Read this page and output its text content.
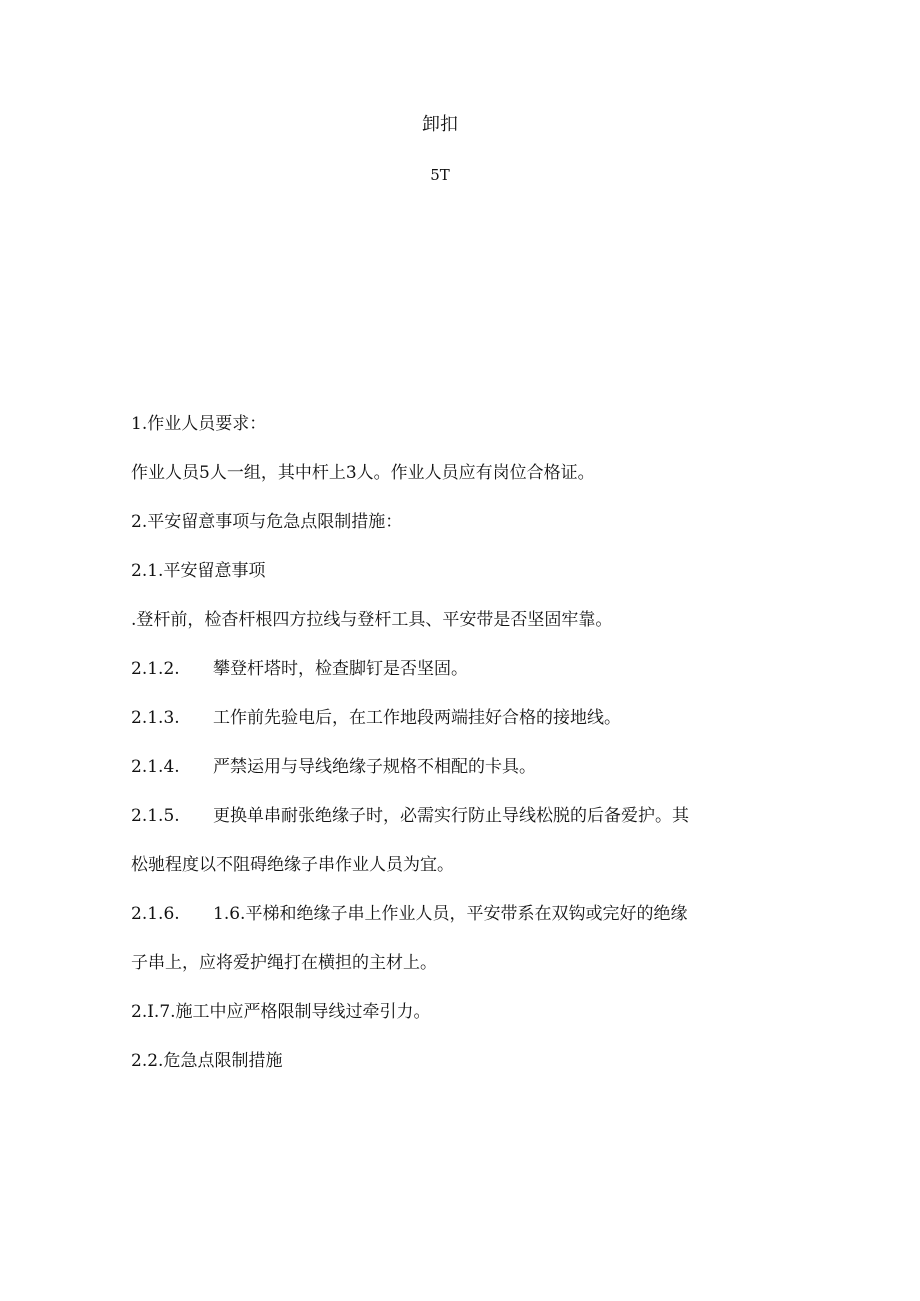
卸扣
5T
1.作业人员要求：
作业人员5人一组，其中杆上3人。作业人员应有岗位合格证。
2.平安留意事项与危急点限制措施：
2.1.平安留意事项
.登杆前，检杳杆根四方拉线与登杆工具、平安带是否坚固牢靠。
2.1.2. 攀登杆塔时，检查脚钉是否坚固。
2.1.3. 工作前先验电后，在工作地段两端挂好合格的接地线。
2.1.4. 严禁运用与导线绝缘子规格不相配的卡具。
2.1.5. 更换单串耐张绝缘子时，必需实行防止导线松脱的后备爱护。其
松驰程度以不阻碍绝缘子串作业人员为宜。
2.1.6. 1.6.平梯和绝缘子串上作业人员，平安带系在双钩或完好的绝缘
子串上，应将爱护绳打在横担的主材上。
2.I.7.施工中应严格限制导线过牵引力。
2.2.危急点限制措施
